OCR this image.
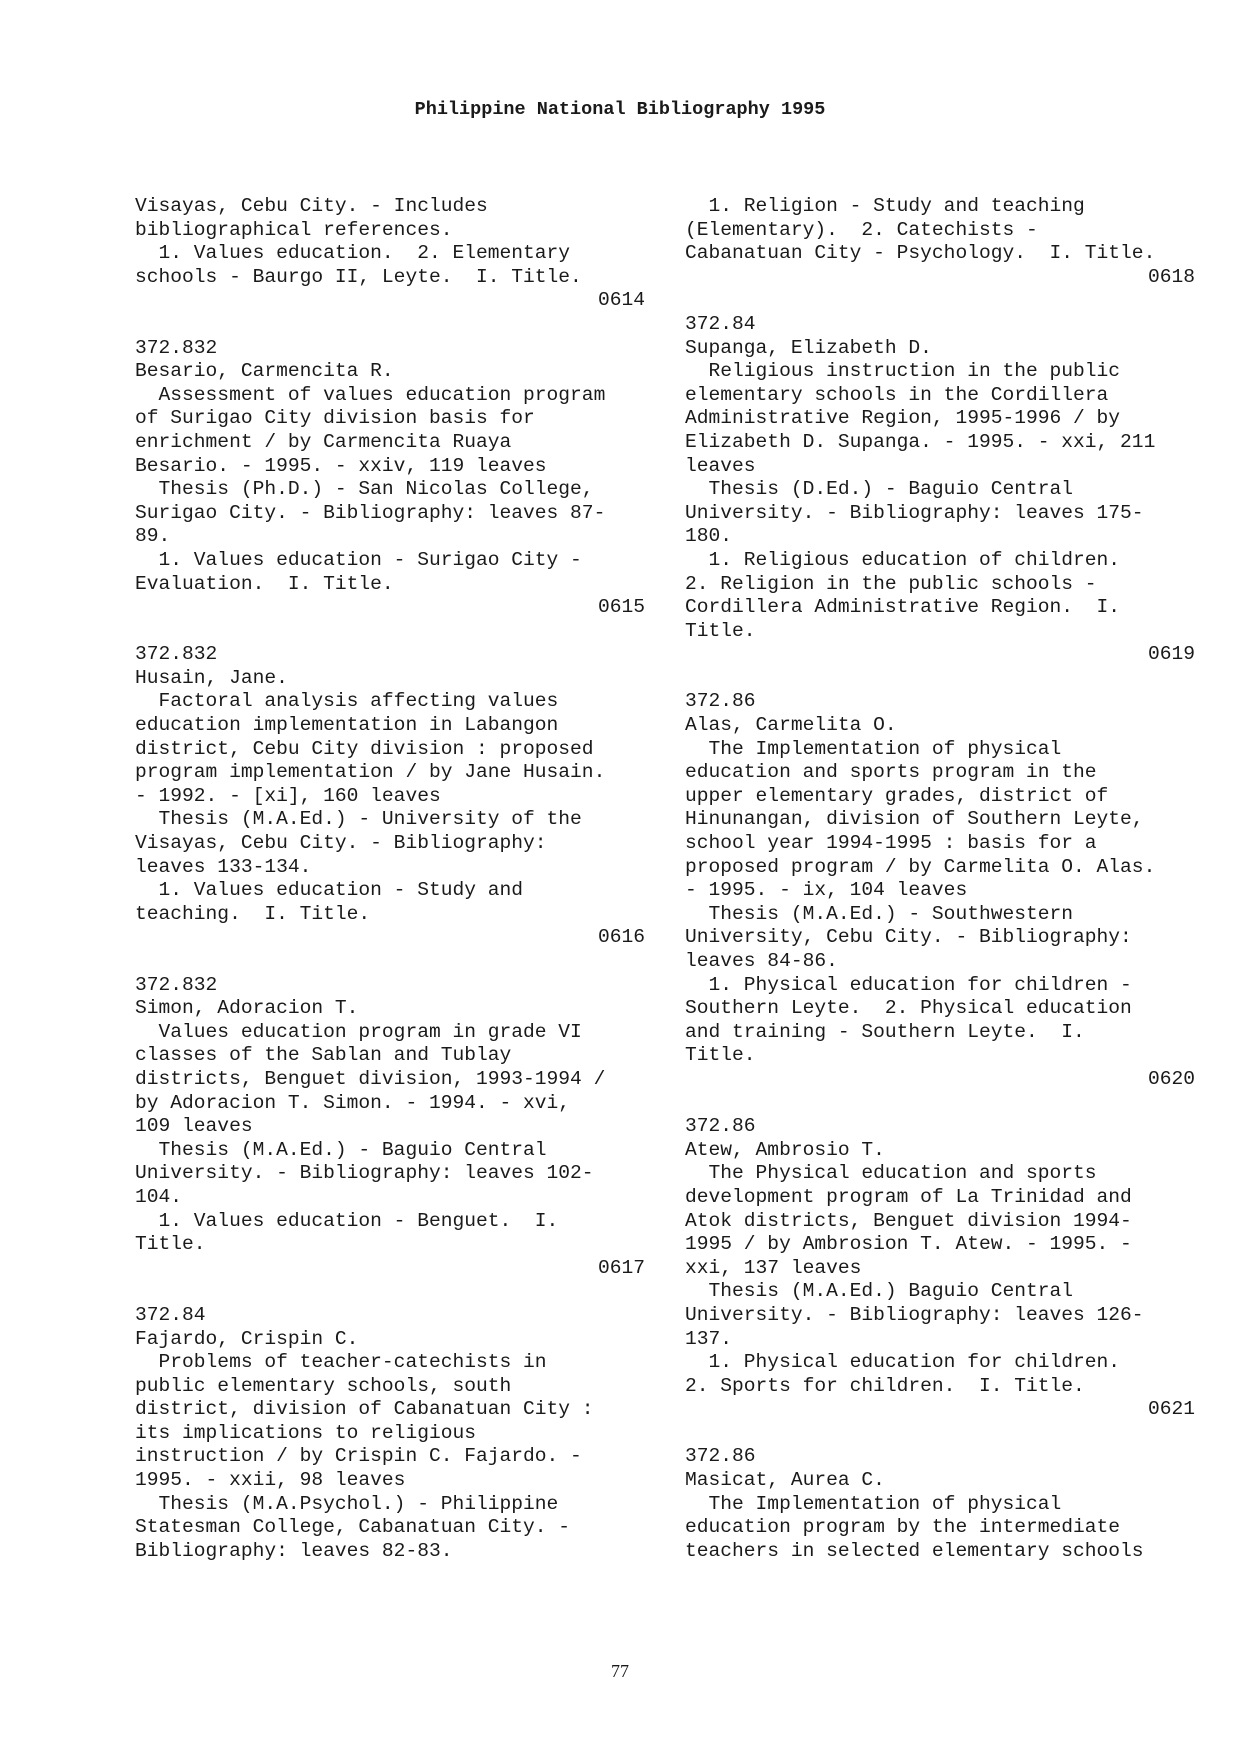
Philippine National Bibliography 1995
Visayas, Cebu City. - Includes
bibliographical references.
1. Values education.  2. Elementary
schools - Baurgo II, Leyte.  I. Title.
0614
372.832
Besario, Carmencita R.
Assessment of values education program
of Surigao City division basis for
enrichment / by Carmencita Ruaya
Besario. - 1995. - xxiv, 119 leaves
Thesis (Ph.D.) - San Nicolas College,
Surigao City. - Bibliography: leaves 87-
89.
1. Values education - Surigao City -
Evaluation.  I. Title.
0615
372.832
Husain, Jane.
Factoral analysis affecting values
education implementation in Labangon
district, Cebu City division : proposed
program implementation / by Jane Husain.
- 1992. - [xi], 160 leaves
Thesis (M.A.Ed.) - University of the
Visayas, Cebu City. - Bibliography:
leaves 133-134.
1. Values education - Study and
teaching.  I. Title.
0616
372.832
Simon, Adoracion T.
Values education program in grade VI
classes of the Sablan and Tublay
districts, Benguet division, 1993-1994 /
by Adoracion T. Simon. - 1994. - xvi,
109 leaves
Thesis (M.A.Ed.) - Baguio Central
University. - Bibliography: leaves 102-
104.
1. Values education - Benguet.  I.
Title.
0617
372.84
Fajardo, Crispin C.
Problems of teacher-catechists in
public elementary schools, south
district, division of Cabanatuan City :
its implications to religious
instruction / by Crispin C. Fajardo. -
1995. - xxii, 98 leaves
Thesis (M.A.Psychol.) - Philippine
Statesman College, Cabanatuan City. -
Bibliography: leaves 82-83.
1. Religion - Study and teaching
(Elementary).  2. Catechists -
Cabanatuan City - Psychology.  I. Title.
0618
372.84
Supanga, Elizabeth D.
Religious instruction in the public
elementary schools in the Cordillera
Administrative Region, 1995-1996 / by
Elizabeth D. Supanga. - 1995. - xxi, 211
leaves
Thesis (D.Ed.) - Baguio Central
University. - Bibliography: leaves 175-
180.
1. Religious education of children.
2. Religion in the public schools -
Cordillera Administrative Region.  I.
Title.
0619
372.86
Alas, Carmelita O.
The Implementation of physical
education and sports program in the
upper elementary grades, district of
Hinunangan, division of Southern Leyte,
school year 1994-1995 : basis for a
proposed program / by Carmelita O. Alas.
- 1995. - ix, 104 leaves
Thesis (M.A.Ed.) - Southwestern
University, Cebu City. - Bibliography:
leaves 84-86.
1. Physical education for children -
Southern Leyte.  2. Physical education
and training - Southern Leyte.  I.
Title.
0620
372.86
Atew, Ambrosio T.
The Physical education and sports
development program of La Trinidad and
Atok districts, Benguet division 1994-
1995 / by Ambrosion T. Atew. - 1995. -
xxi, 137 leaves
Thesis (M.A.Ed.) Baguio Central
University. - Bibliography: leaves 126-
137.
1. Physical education for children.
2. Sports for children.  I. Title.
0621
372.86
Masicat, Aurea C.
The Implementation of physical
education program by the intermediate
teachers in selected elementary schools

77
